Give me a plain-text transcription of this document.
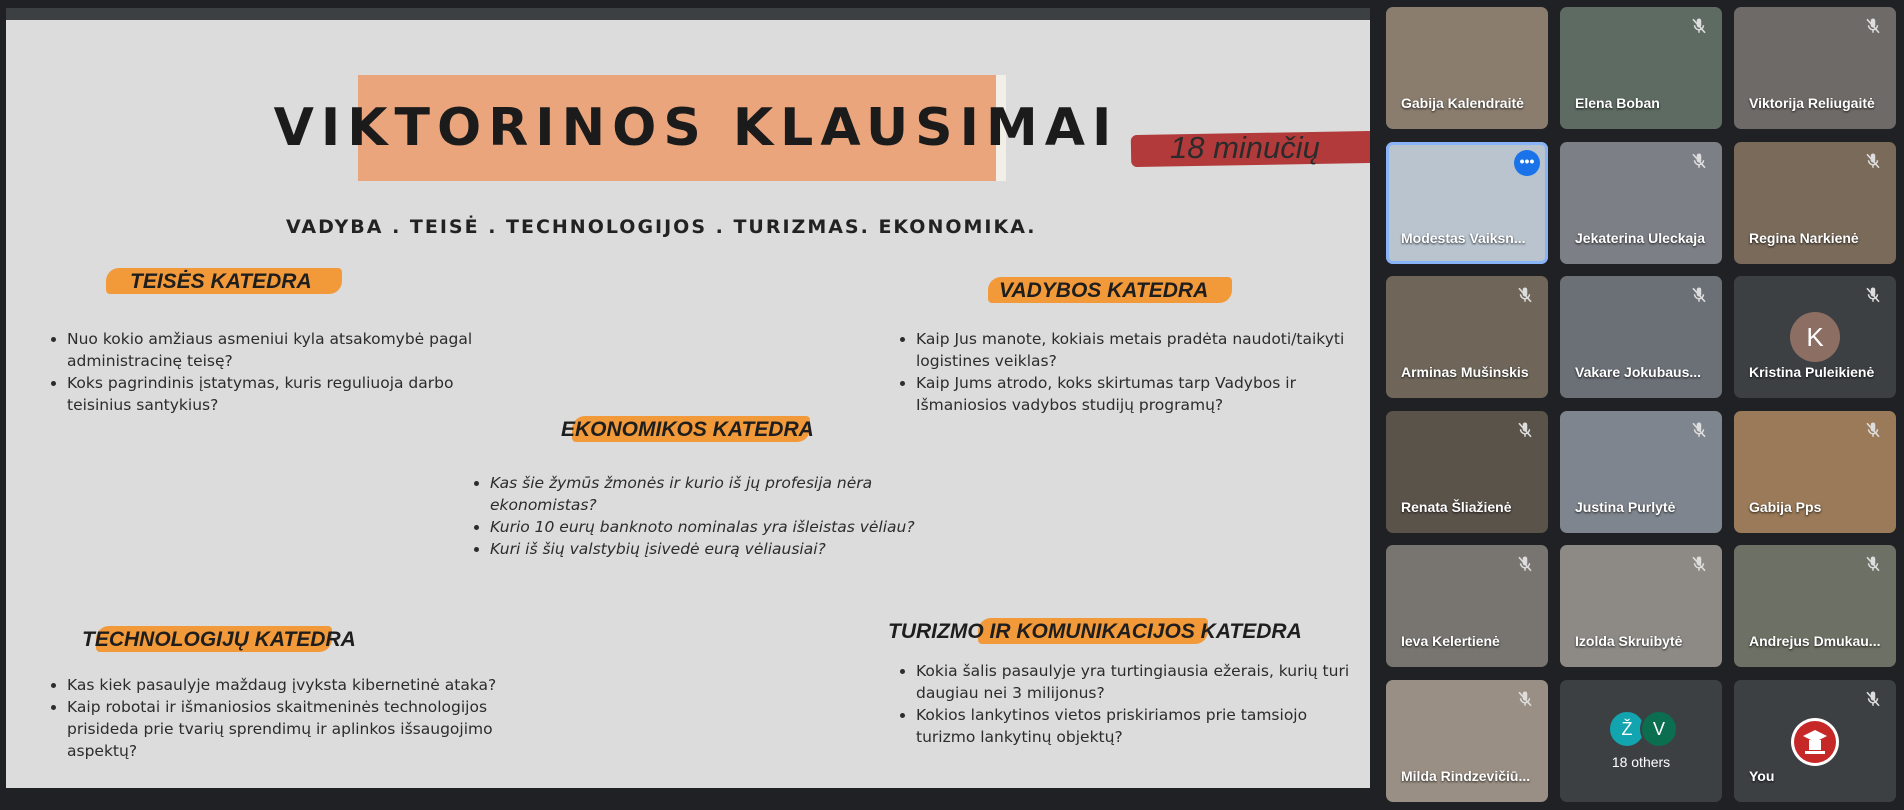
VIKTORINOS KLAUSIMAI	18 minučių
VADYBA . TEISĖ . TECHNOLOGIJOS . TURIZMAS. EKONOMIKA.
TEISĖS KATEDRA
• Nuo kokio amžiaus asmeniui kyla atsakomybė pagal administracinę teisę?
• Koks pagrindinis įstatymas, kuris reguliuoja darbo teisinius santykius?
VADYBOS KATEDRA
• Kaip Jus manote, kokiais metais pradėta naudoti/taikyti logistines veiklas?
• Kaip Jums atrodo, koks skirtumas tarp Vadybos ir Išmaniosios vadybos studijų programų?
EKONOMIKOS KATEDRA
• Kas šie žymūs žmonės ir kurio iš jų profesija nėra ekonomistas?
• Kurio 10 eurų banknoto nominalas yra išleistas vėliau?
• Kuri iš šių valstybių įsivedė eurą vėliausiai?
TECHNOLOGIJŲ KATEDRA
• Kas kiek pasaulyje maždaug įvyksta kibernetinė ataka?
• Kaip robotai ir išmaniosios skaitmeninės technologijos prisideda prie tvarių sprendimų ir aplinkos išsaugojimo aspektų?
TURIZMO IR KOMUNIKACIJOS KATEDRA
• Kokia šalis pasaulyje yra turtingiausia ežerais, kurių turi daugiau nei 3 milijonus?
• Kokios lankytinos vietos priskiriamos prie tamsiojo turizmo lankytinų objektų?
Gabija Kalendraitė	Elena Boban	Viktorija Reliugaitė
Modestas Vaiksn...
•••
Jekaterina Uleckaja	Regina Narkienė
Arminas Mušinskis	Vakare Jokubaus...
K
Kristina Puleikienė
Renata Šliažienė	Justina Purlytė	Gabija Pps
Ieva Kelertienė	Izolda Skruibytė	Andrejus Dmukau...
Milda Rindzevičiū...
Ž	V
18 others
You
